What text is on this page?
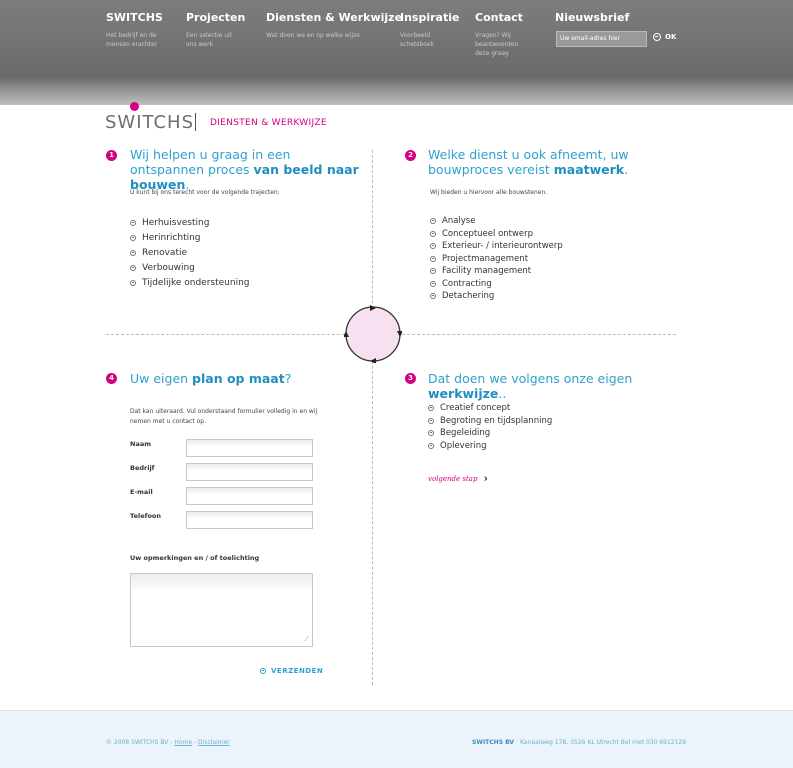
SWITCHS
Het bedrijf en de
mensen erachter
Projecten
Een selectie uit
ons werk
Diensten & Werkwijze
Wat doen we en op welke wijze
Inspiratie
Voorbeeld
schetsboek
Contact
Vragen? Wij
beantwoorden
deze graag
Nieuwsbrief
Uw email-adres hier	OK
SWITCHS DIENSTEN & WERKWIJZE
1 Wij helpen u graag in een ontspannen proces van beeld naar bouwen.
U kunt bij ons terecht voor de volgende trajecten:
Herhuisvesting
Herinrichting
Renovatie
Verbouwing
Tijdelijke ondersteuning
2 Welke dienst u ook afneemt, uw bouwproces vereist maatwerk.
Wij bieden u hiervoor alle bouwstenen.
Analyse
Conceptueel ontwerp
Exterieur- / interieurontwerp
Projectmanagement
Facility management
Contracting
Detachering
4 Uw eigen plan op maat?
Dat kan uiteraard. Vul onderstaand formulier volledig in en wij nemen met u contact op.
Naam
Bedrijf
E-mail
Telefoon
Uw opmerkingen en / of toelichting
⟋
VERZENDEN
3 Dat doen we volgens onze eigen werkwijze..
Creatief concept
Begroting en tijdsplanning
Begeleiding
Oplevering
volgende stap ›
© 2008 SWITCHS BV - Home - Disclaimer	SWITCHS BV Kanaalweg 17B, 3526 KL Utrecht Bel met 030 6912129
